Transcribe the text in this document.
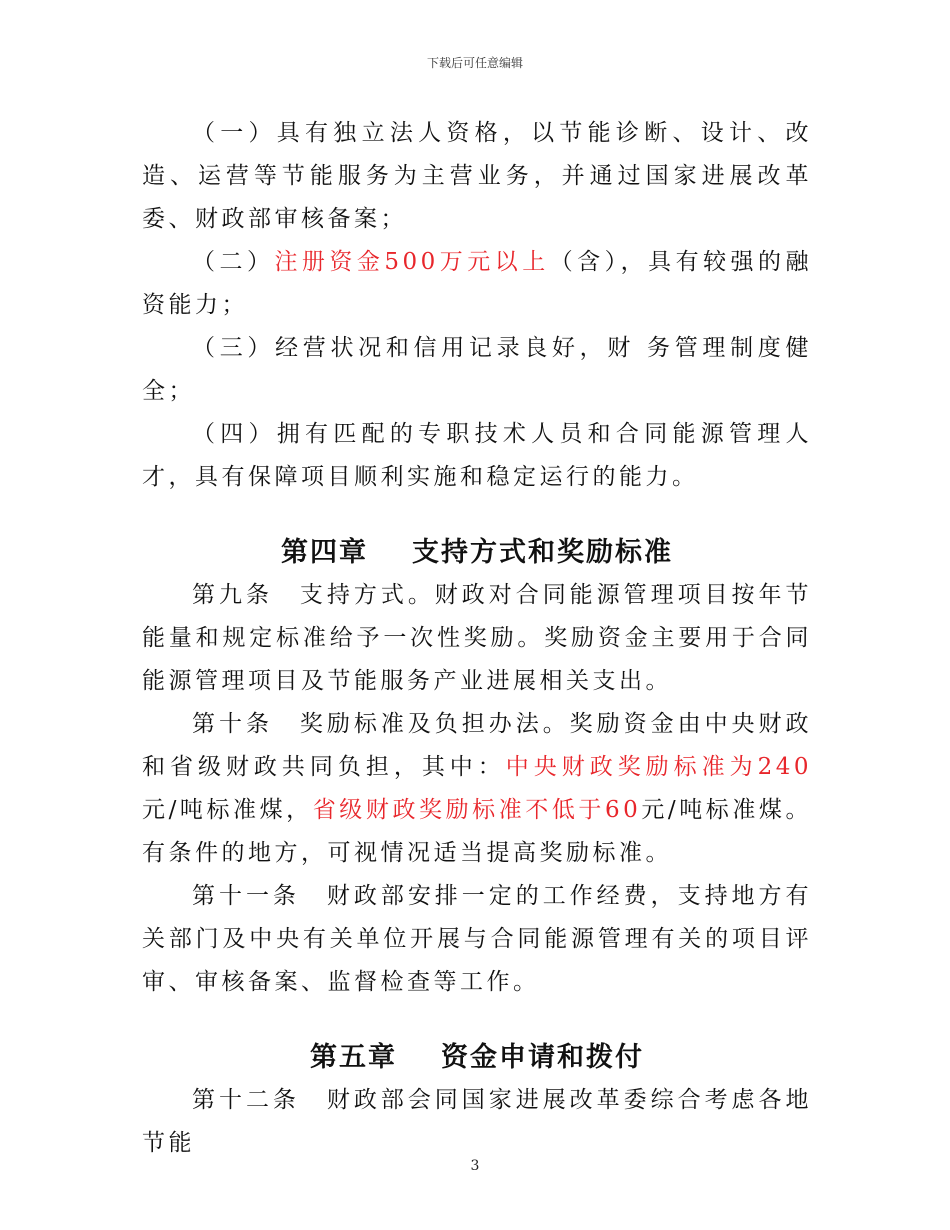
下载后可任意编辑

（一）具有独立法人资格，以节能诊断、设计、改造、运营等节能服务为主营业务，并通过国家进展改革委、财政部审核备案；

（二）注册资金500万元以上（含），具有较强的融资能力；

（三）经营状况和信用记录良好，财 务管理制度健全；

（四）拥有匹配的专职技术人员和合同能源管理人才，具有保障项目顺利实施和稳定运行的能力。

第四章 支持方式和奖励标准

第九条　支持方式。财政对合同能源管理项目按年节能量和规定标准给予一次性奖励。奖励资金主要用于合同能源管理项目及节能服务产业进展相关支出。

第十条　奖励标准及负担办法。奖励资金由中央财政和省级财政共同负担，其中：中央财政奖励标准为240元/吨标准煤，省级财政奖励标准不低于60元/吨标准煤。有条件的地方，可视情况适当提高奖励标准。

第十一条　财政部安排一定的工作经费，支持地方有关部门及中央有关单位开展与合同能源管理有关的项目评审、审核备案、监督检查等工作。

第五章 资金申请和拨付

第十二条　财政部会同国家进展改革委综合考虑各地节能

3
